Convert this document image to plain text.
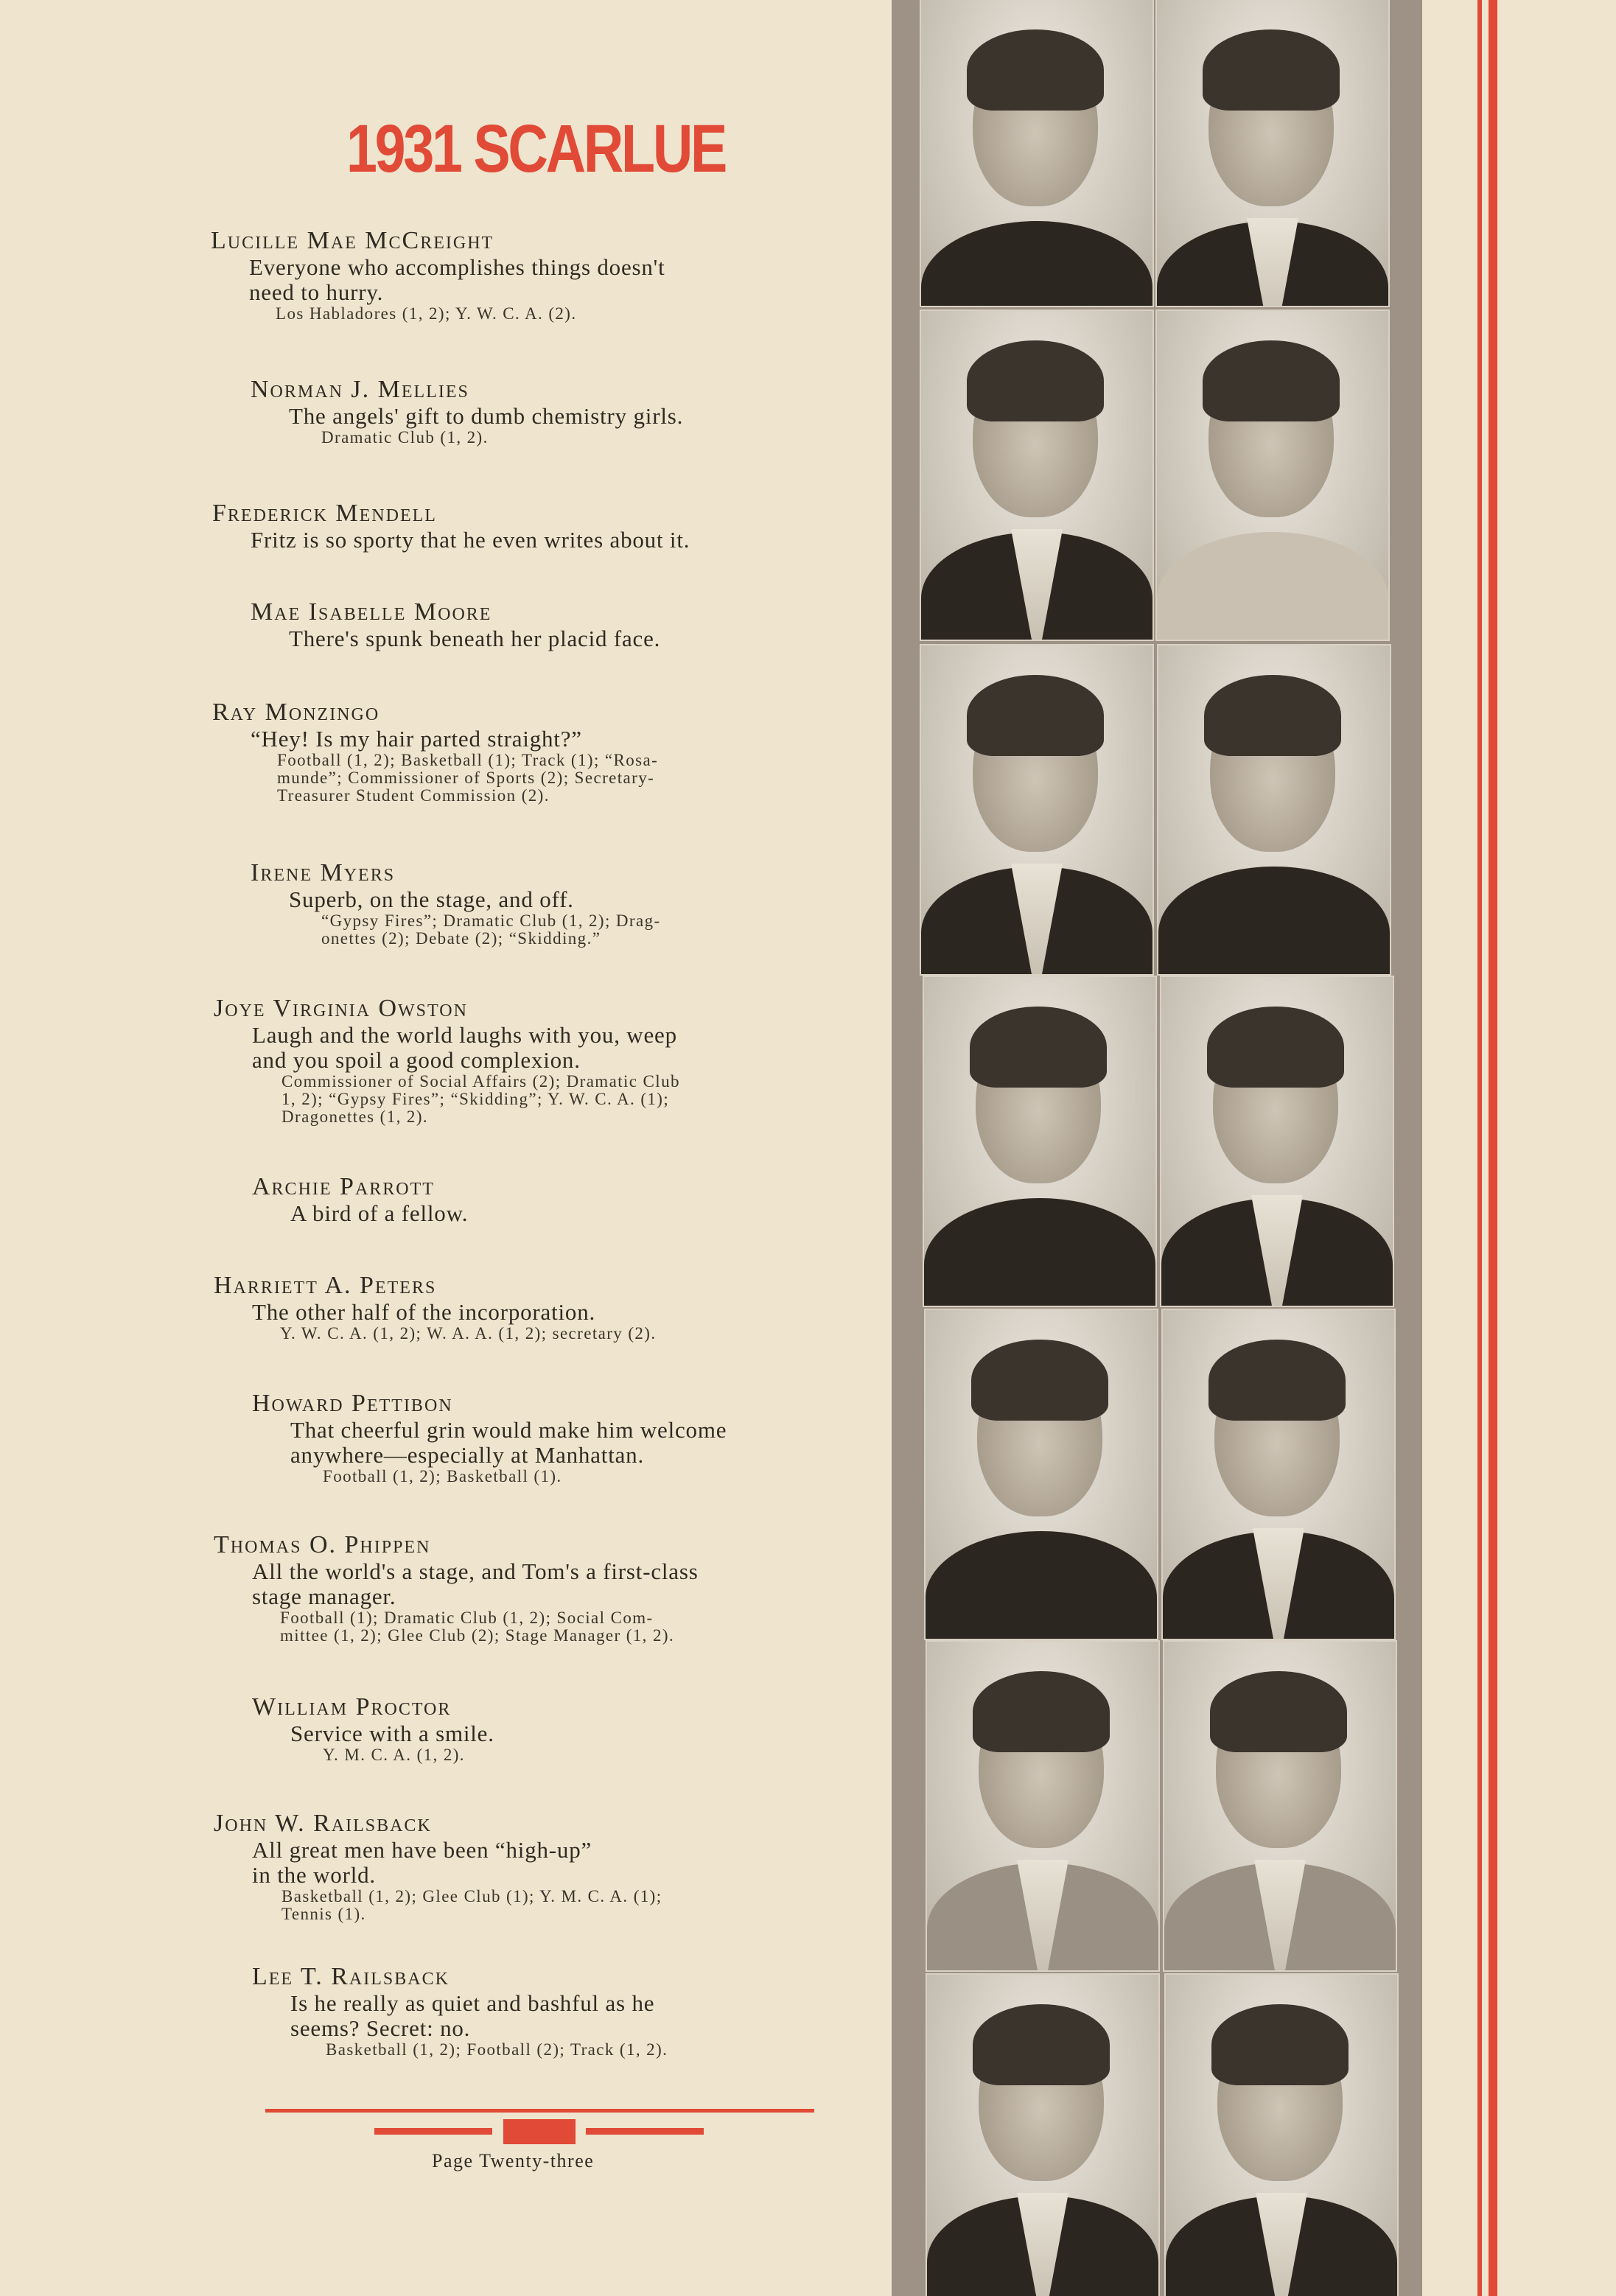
1931 SCARLUE
Lucille Mae McCreight
Everyone who accomplishes things doesn't
need to hurry.
Los Habladores (1, 2); Y. W. C. A. (2).
Norman J. Mellies
The angels' gift to dumb chemistry girls.
Dramatic Club (1, 2).
Frederick Mendell
Fritz is so sporty that he even writes about it.
Mae Isabelle Moore
There's spunk beneath her placid face.
Ray Monzingo
“Hey! Is my hair parted straight?”
Football (1, 2); Basketball (1); Track (1); “Rosa-
munde”; Commissioner of Sports (2); Secretary-
Treasurer Student Commission (2).
Irene Myers
Superb, on the stage, and off.
“Gypsy Fires”; Dramatic Club (1, 2); Drag-
onettes (2); Debate (2); “Skidding.”
Joye Virginia Owston
Laugh and the world laughs with you, weep
and you spoil a good complexion.
Commissioner of Social Affairs (2); Dramatic Club
1, 2); “Gypsy Fires”; “Skidding”; Y. W. C. A. (1);
Dragonettes (1, 2).
Archie Parrott
A bird of a fellow.
Harriett A. Peters
The other half of the incorporation.
Y. W. C. A. (1, 2); W. A. A. (1, 2); secretary (2).
Howard Pettibon
That cheerful grin would make him welcome
anywhere—especially at Manhattan.
Football (1, 2); Basketball (1).
Thomas O. Phippen
All the world's a stage, and Tom's a first-class
stage manager.
Football (1); Dramatic Club (1, 2); Social Com-
mittee (1, 2); Glee Club (2); Stage Manager (1, 2).
William Proctor
Service with a smile.
Y. M. C. A. (1, 2).
John W. Railsback
All great men have been “high-up”
in the world.
Basketball (1, 2); Glee Club (1); Y. M. C. A. (1);
Tennis (1).
Lee T. Railsback
Is he really as quiet and bashful as he
seems? Secret: no.
Basketball (1, 2); Football (2); Track (1, 2).
Page Twenty-three
